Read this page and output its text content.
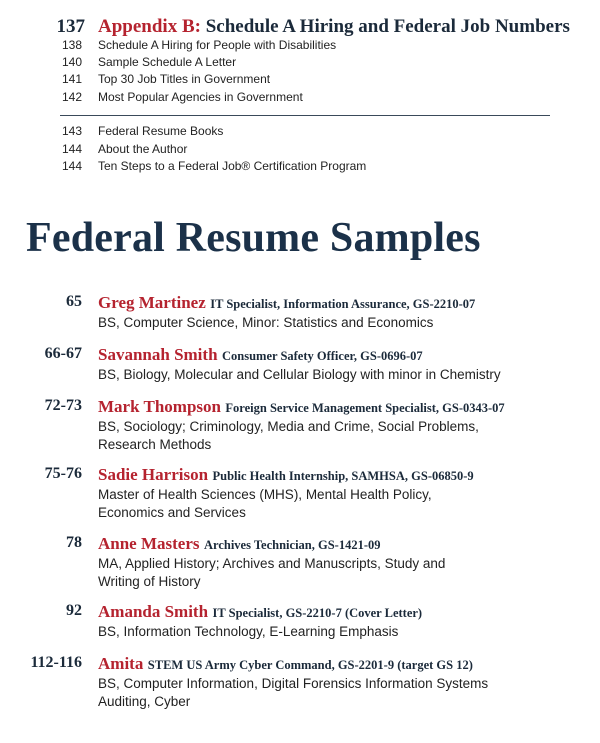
137 Appendix B: Schedule A Hiring and Federal Job Numbers
138 Schedule A Hiring for People with Disabilities
140 Sample Schedule A Letter
141 Top 30 Job Titles in Government
142 Most Popular Agencies in Government
143 Federal Resume Books
144 About the Author
144 Ten Steps to a Federal Job® Certification Program
Federal Resume Samples
65 Greg Martinez IT Specialist, Information Assurance, GS-2210-07
BS, Computer Science, Minor: Statistics and Economics
66-67 Savannah Smith Consumer Safety Officer, GS-0696-07
BS, Biology, Molecular and Cellular Biology with minor in Chemistry
72-73 Mark Thompson Foreign Service Management Specialist, GS-0343-07
BS, Sociology; Criminology, Media and Crime, Social Problems, Research Methods
75-76 Sadie Harrison Public Health Internship, SAMHSA, GS-06850-9
Master of Health Sciences (MHS), Mental Health Policy, Economics and Services
78 Anne Masters Archives Technician, GS-1421-09
MA, Applied History; Archives and Manuscripts, Study and Writing of History
92 Amanda Smith IT Specialist, GS-2210-7 (Cover Letter)
BS, Information Technology, E-Learning Emphasis
112-116 Amita STEM US Army Cyber Command, GS-2201-9 (target GS 12)
BS, Computer Information, Digital Forensics Information Systems Auditing, Cyber
